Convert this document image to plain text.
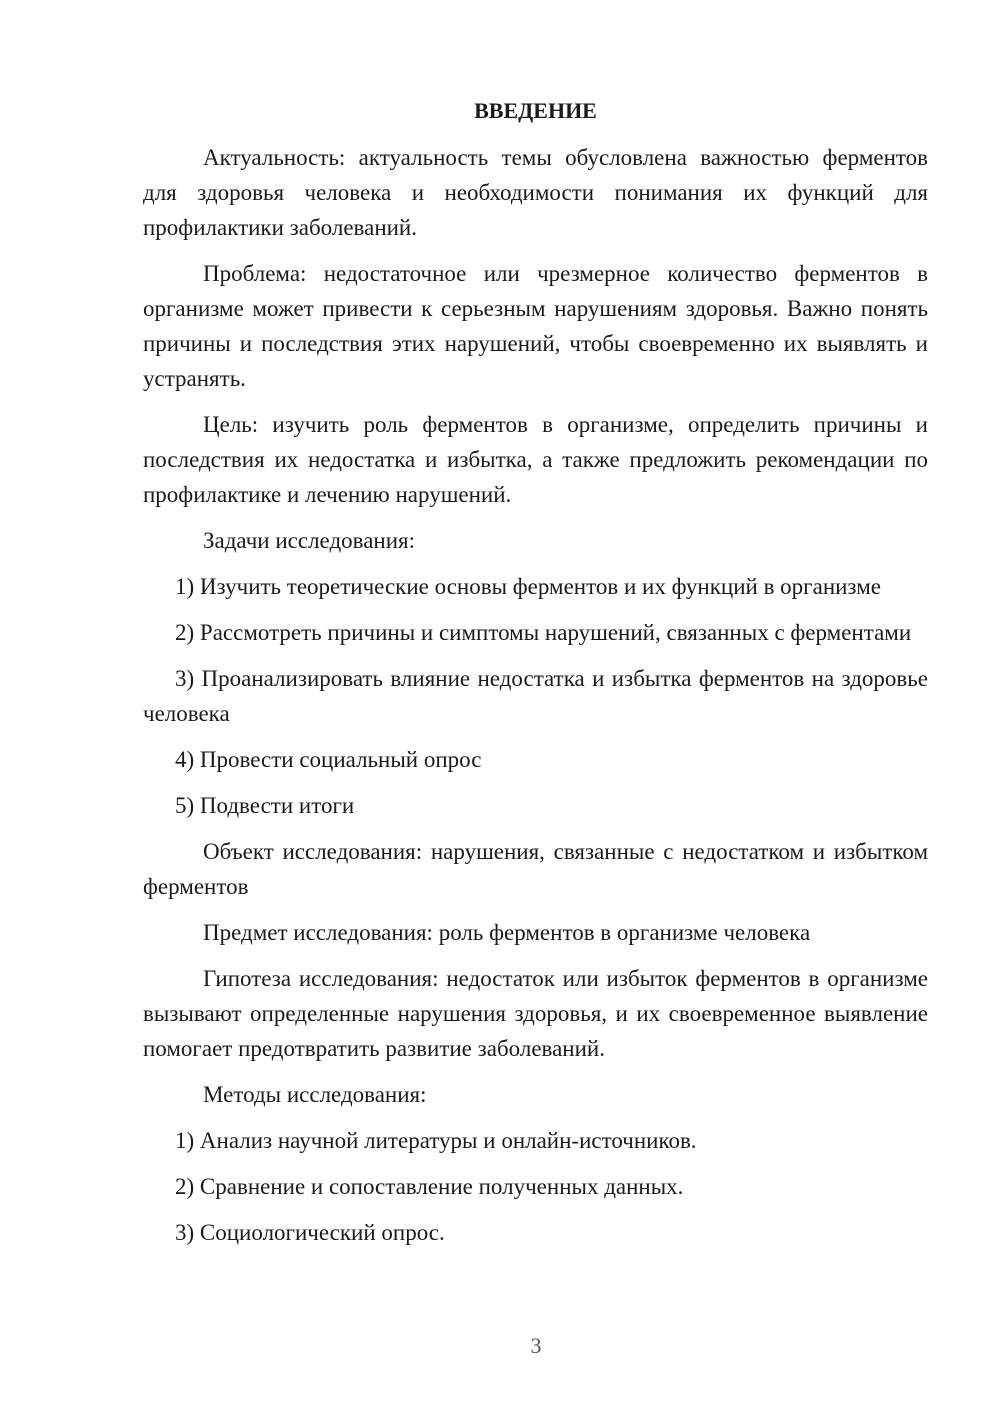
ВВЕДЕНИЕ

Актуальность: актуальность темы обусловлена важностью ферментов для здоровья человека и необходимости понимания их функций для профилактики заболеваний.

Проблема: недостаточное или чрезмерное количество ферментов в организме может привести к серьезным нарушениям здоровья. Важно понять причины и последствия этих нарушений, чтобы своевременно их выявлять и устранять.

Цель: изучить роль ферментов в организме, определить причины и последствия их недостатка и избытка, а также предложить рекомендации по профилактике и лечению нарушений.

Задачи исследования:

1) Изучить теоретические основы ферментов и их функций в организме

2) Рассмотреть причины и симптомы нарушений, связанных с ферментами

3) Проанализировать влияние недостатка и избытка ферментов на здоровье человека

4) Провести социальный опрос

5) Подвести итоги

Объект исследования: нарушения, связанные с недостатком и избытком ферментов

Предмет исследования: роль ферментов в организме человека

Гипотеза исследования: недостаток или избыток ферментов в организме вызывают определенные нарушения здоровья, и их своевременное выявление помогает предотвратить развитие заболеваний.

Методы исследования:

1) Анализ научной литературы и онлайн-источников.

2) Сравнение и сопоставление полученных данных.

3) Социологический опрос.

3
